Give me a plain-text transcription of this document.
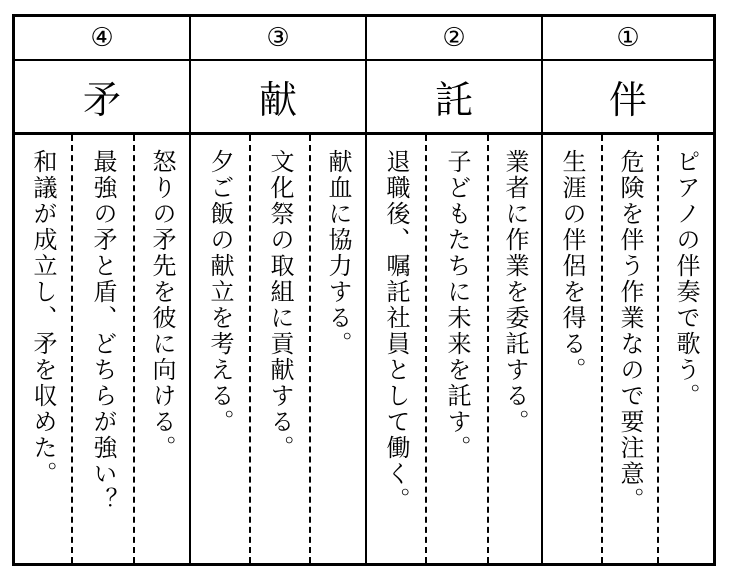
④
矛
和議が成立し、矛を収めた。 最強の矛と盾、どちらが強い？ 怒りの矛先を彼に向ける。
③
献
夕ご飯の献立を考える。 文化祭の取組に貢献する。 献血に協力する。
②
託
退職後、嘱託社員として働く。 子どもたちに未来を託す。 業者に作業を委託する。
①
伴
生涯の伴侶を得る。 危険を伴う作業なので要注意。 ピアノの伴奏で歌う。
